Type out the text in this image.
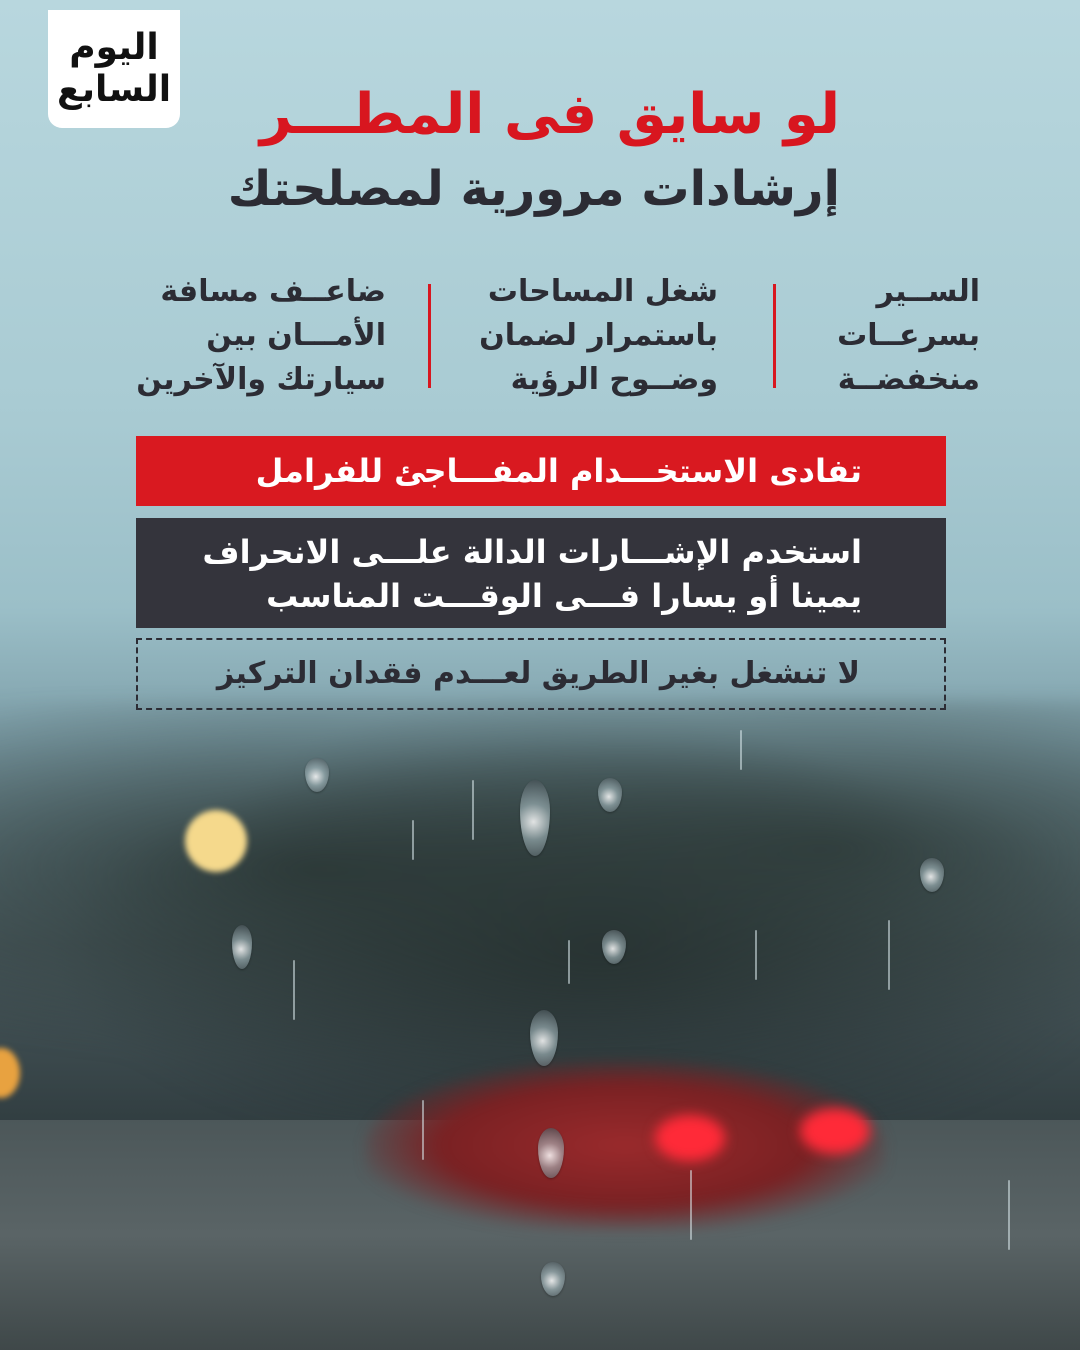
اليوم
السابع	لو سايق فى المطـــر
إرشادات مرورية لمصلحتك
الســير
بسرعــات
منخفضــة
شغل المساحات
باستمرار لضمان
وضــوح الرؤية
ضاعــف مسافة
الأمـــان بين
سيارتك والآخرين
تفادى الاستخـــدام المفـــاجئ للفرامل
استخدم الإشـــارات الدالة علـــى الانحراف
يمينا أو يسارا فـــى الوقـــت المناسب
لا تنشغل بغير الطريق لعـــدم فقدان التركيز
